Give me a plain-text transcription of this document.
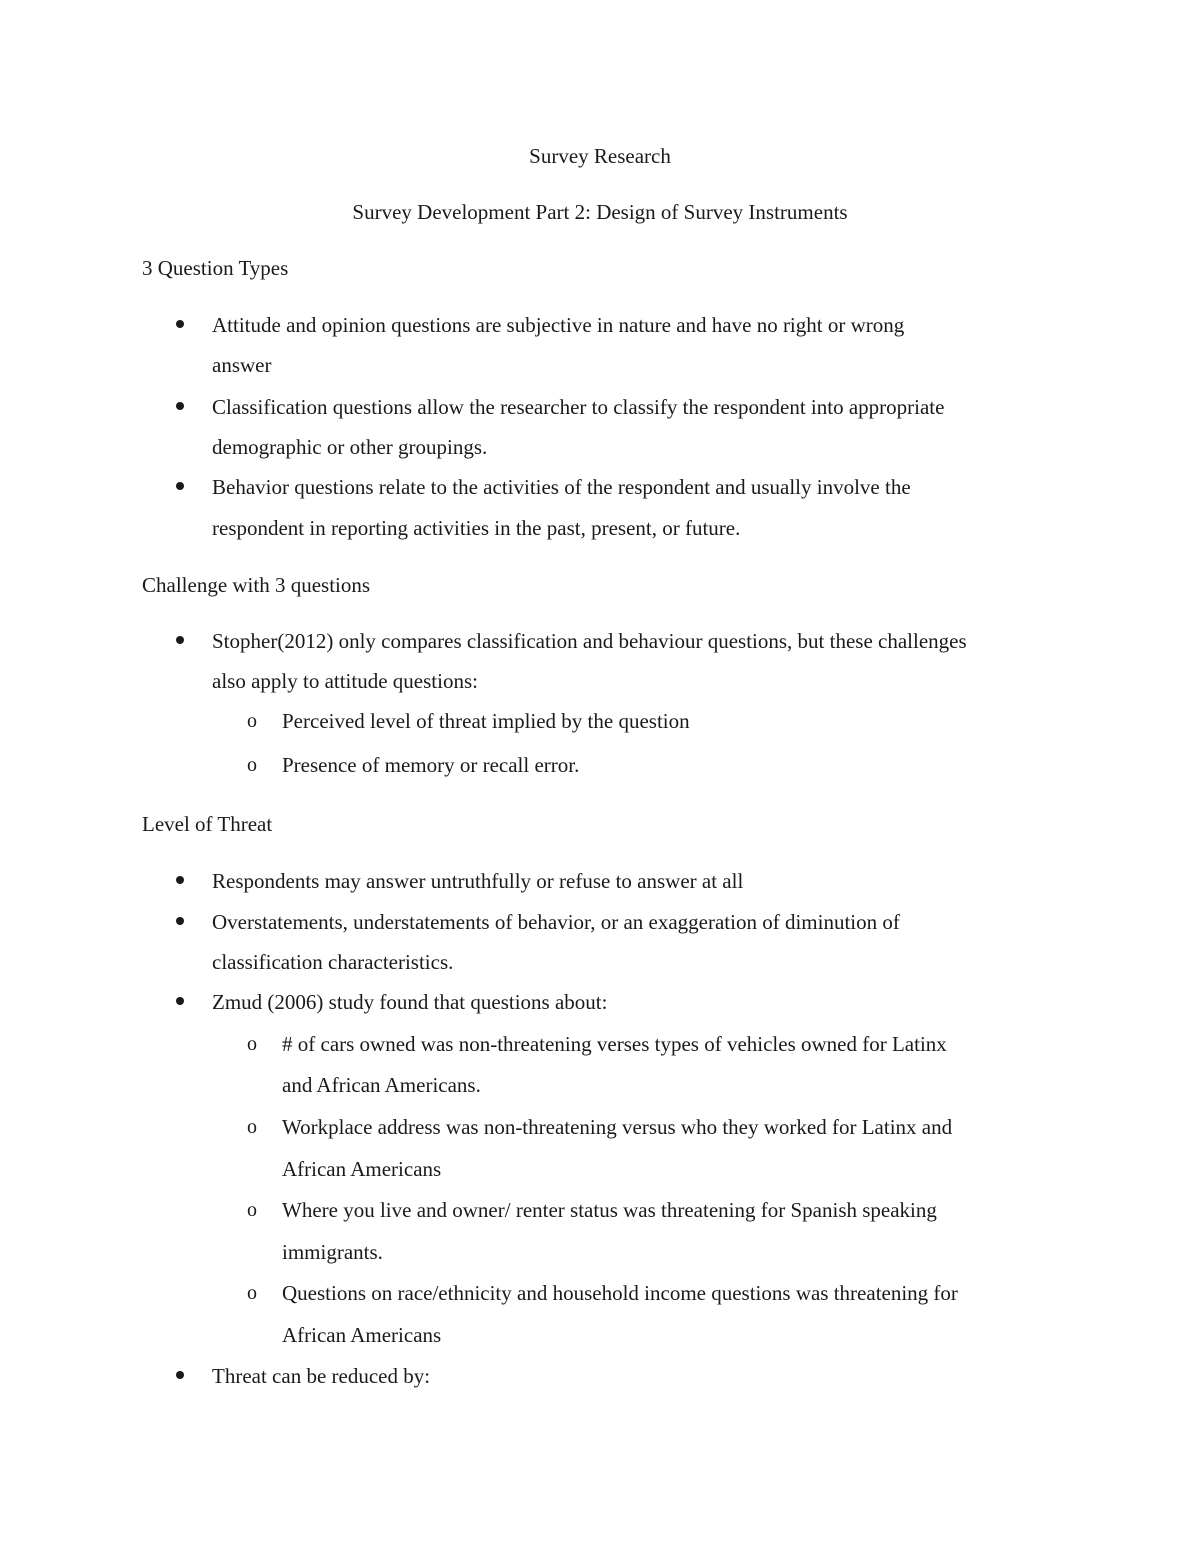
Survey Research
Survey Development Part 2: Design of Survey Instruments
3 Question Types
Attitude and opinion questions are subjective in nature and have no right or wrong
answer
Classification questions allow the researcher to classify the respondent into appropriate
demographic or other groupings.
Behavior questions relate to the activities of the respondent and usually involve the
respondent in reporting activities in the past, present, or future.
Challenge with 3 questions
Stopher(2012) only compares classification and behaviour questions, but these challenges
also apply to attitude questions:
o Perceived level of threat implied by the question
o Presence of memory or recall error.
Level of Threat
Respondents may answer untruthfully or refuse to answer at all
Overstatements, understatements of behavior, or an exaggeration of diminution of
classification characteristics.
Zmud (2006) study found that questions about:
o # of cars owned was non-threatening verses types of vehicles owned for Latinx
and African Americans.
o Workplace address was non-threatening versus who they worked for Latinx and
African Americans
o Where you live and owner/ renter status was threatening for Spanish speaking
immigrants.
o Questions on race/ethnicity and household income questions was threatening for
African Americans
Threat can be reduced by:
